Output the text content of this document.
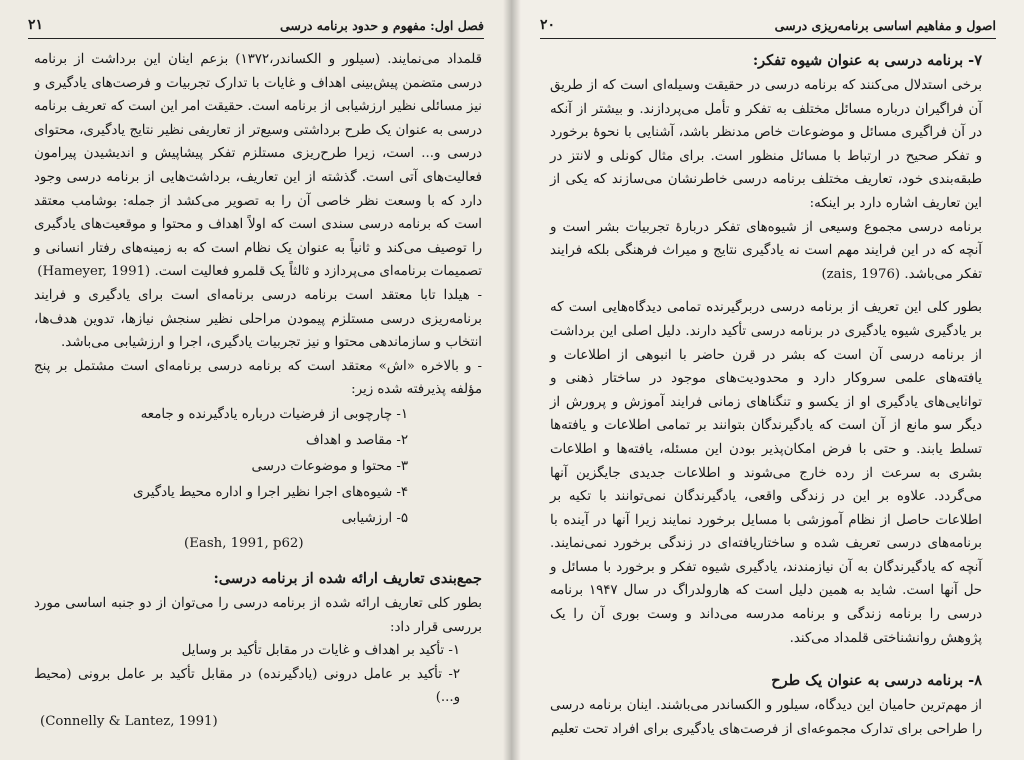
فصل اول: مفهوم و حدود برنامه درسی
۲۱

قلمداد می‌نمایند. (سیلور و الکساندر،۱۳۷۲) بزعم اینان این برداشت از برنامه درسی متضمن پیش‌بینی اهداف و غایات با تدارک تجربیات و فرصت‌های یادگیری و نیز مسائلی نظیر ارزشیابی از برنامه است. حقیقت امر این است که تعریف برنامه درسی به عنوان یک طرح برداشتی وسیع‌تر از تعاریفی نظیر نتایج یادگیری، محتوای درسی و... است، زیرا طرح‌ریزی مستلزم تفکر پیشاپیش و اندیشیدن پیرامون فعالیت‌های آتی است. گذشته از این تعاریف، برداشت‌هایی از برنامه درسی وجود دارد که با وسعت نظر خاصی آن را به تصویر می‌کشد از جمله: بوشامب معتقد است که برنامه درسی سندی است که اولاً اهداف و محتوا و موقعیت‌های یادگیری را توصیف می‌کند و ثانیاً به عنوان یک نظام است که به زمینه‌های رفتار انسانی و تصمیمات برنامه‌ای می‌پردازد و ثالثاً یک قلمرو فعالیت است. (Hameyer, 1991)

- هیلدا تابا معتقد است برنامه درسی برنامه‌ای است برای یادگیری و فرایند برنامه‌ریزی درسی مستلزم پیمودن مراحلی نظیر سنجش نیازها، تدوین هدف‌ها، انتخاب و سازماندهی محتوا و نیز تجربیات یادگیری، اجرا و ارزشیابی می‌باشد.

- و بالاخره «اش» معتقد است که برنامه درسی برنامه‌ای است مشتمل بر پنج مؤلفه پذیرفته شده زیر:

۱- چارچوبی از فرضیات درباره یادگیرنده و جامعه
۲- مقاصد و اهداف
۳- محتوا و موضوعات درسی
۴- شیوه‌های اجرا نظیر اجرا و اداره محیط یادگیری
۵- ارزشیابی

(Eash, 1991, p62)

جمع‌بندی تعاریف ارائه شده از برنامه درسی:

بطور کلی تعاریف ارائه شده از برنامه درسی را می‌توان از دو جنبه اساسی مورد بررسی قرار داد:

۱- تأکید بر اهداف و غایات در مقابل تأکید بر وسایل

۲- تأکید بر عامل درونی (یادگیرنده) در مقابل تأکید بر عامل برونی (محیط و...)

(Connelly & Lantez, 1991)

اصول و مفاهیم اساسی برنامه‌ریزی درسی
۲۰

۷- برنامه درسی به عنوان شیوه تفکر:

برخی استدلال می‌کنند که برنامه درسی در حقیقت وسیله‌ای است که از طریق آن فراگیران درباره مسائل مختلف به تفکر و تأمل می‌پردازند. و بیشتر از آنکه در آن فراگیری مسائل و موضوعات خاص مدنظر باشد، آشنایی با نحوهٔ برخورد و تفکر صحیح در ارتباط با مسائل منظور است. برای مثال کونلی و لانتز در طبقه‌بندی خود، تعاریف مختلف برنامه درسی خاطرنشان می‌سازند که یکی از این تعاریف اشاره دارد بر اینکه:

برنامه درسی مجموع وسیعی از شیوه‌های تفکر دربارهٔ تجربیات بشر است و آنچه که در این فرایند مهم است نه یادگیری نتایج و میراث فرهنگی بلکه فرایند تفکر می‌باشد. (zais, 1976)

بطور کلی این تعریف از برنامه درسی دربرگیرنده تمامی دیدگاه‌هایی است که بر یادگیری شیوه یادگیری در برنامه درسی تأکید دارند. دلیل اصلی این برداشت از برنامه درسی آن است که بشر در قرن حاضر با انبوهی از اطلاعات و یافته‌های علمی سروکار دارد و محدودیت‌های موجود در ساختار ذهنی و توانایی‌های یادگیری او از یکسو و تنگناهای زمانی فرایند آموزش و پرورش از دیگر سو مانع از آن است که یادگیرندگان بتوانند بر تمامی اطلاعات و یافته‌ها تسلط یابند. و حتی با فرض امکان‌پذیر بودن این مسئله، یافته‌ها و اطلاعات بشری به سرعت از رده خارج می‌شوند و اطلاعات جدیدی جایگزین آنها می‌گردد. علاوه بر این در زندگی واقعی، یادگیرندگان نمی‌توانند با تکیه بر اطلاعات حاصل از نظام آموزشی با مسایل برخورد نمایند زیرا آنها در آینده با برنامه‌های درسی تعریف شده و ساختاریافته‌ای در زندگی برخورد نمی‌نمایند. آنچه که یادگیرندگان به آن نیازمندند، یادگیری شیوه تفکر و برخورد با مسائل و حل آنها است. شاید به همین دلیل است که هارولدراگ در سال ۱۹۴۷ برنامه درسی را برنامه زندگی و برنامه مدرسه می‌داند و وست بوری آن را یک پژوهش روانشناختی قلمداد می‌کند.

۸- برنامه درسی به عنوان یک طرح

از مهم‌ترین حامیان این دیدگاه، سیلور و الکساندر می‌باشند. اینان برنامه درسی را طراحی برای تدارک مجموعه‌ای از فرصت‌های یادگیری برای افراد تحت تعلیم
